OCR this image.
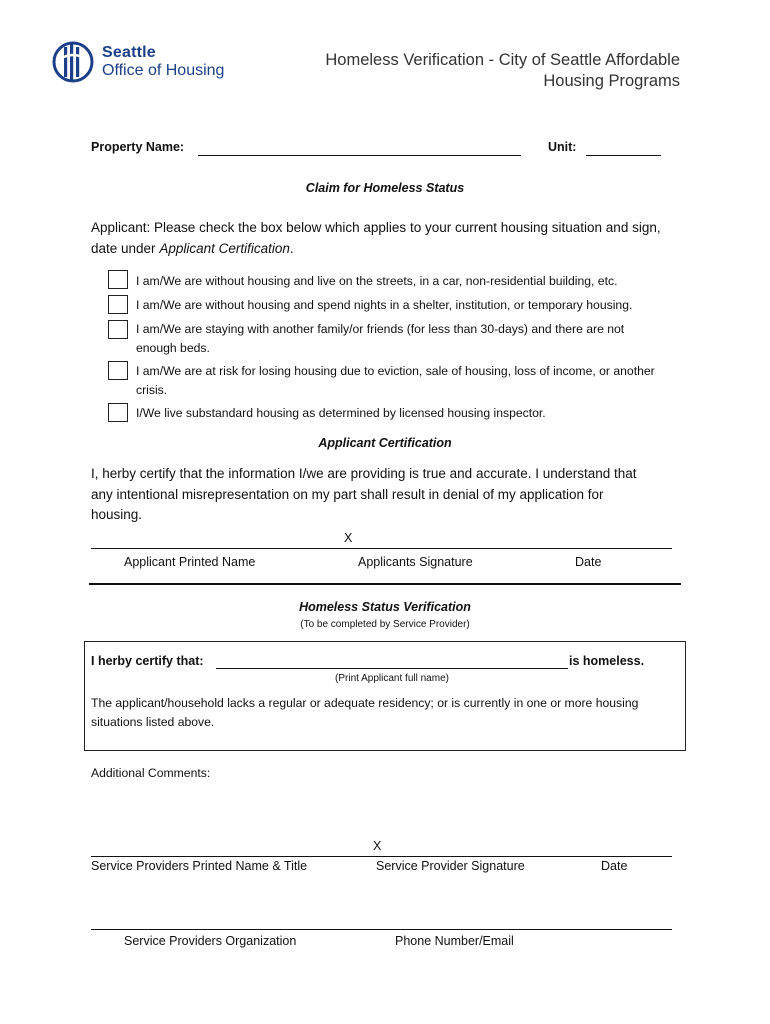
Seattle
Office of Housing
Homeless Verification - City of Seattle Affordable
Housing Programs
Property Name:	Unit:
Claim for Homeless Status
Applicant: Please check the box below which applies to your current housing situation and sign,
date under Applicant Certification.
I am/We are without housing and live on the streets, in a car, non-residential building, etc.
I am/We are without housing and spend nights in a shelter, institution, or temporary housing.
I am/We are staying with another family/or friends (for less than 30-days) and there are not
enough beds.
I am/We are at risk for losing housing due to eviction, sale of housing, loss of income, or another
crisis.
I/We live substandard housing as determined by licensed housing inspector.
Applicant Certification
I, herby certify that the information I/we are providing is true and accurate. I understand that
any intentional misrepresentation on my part shall result in denial of my application for
housing.
X
Applicant Printed Name	Applicants Signature	Date
Homeless Status Verification
(To be completed by Service Provider)
I herby certify that:	is homeless.
(Print Applicant full name)
The applicant/household lacks a regular or adequate residency; or is currently in one or more housing
situations listed above.
Additional Comments:
X
Service Providers Printed Name & Title	Service Provider Signature	Date
Service Providers Organization	Phone Number/Email
